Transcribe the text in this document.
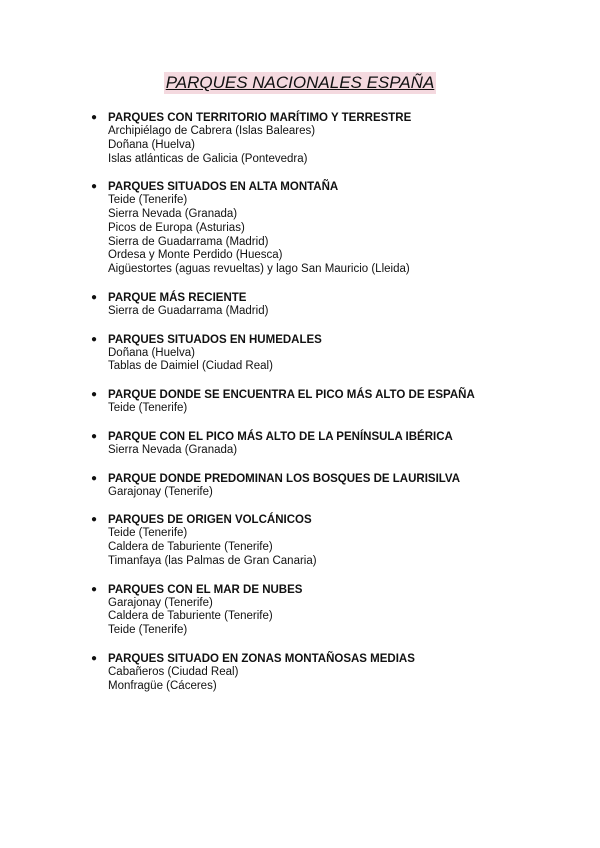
PARQUES NACIONALES ESPAÑA
● PARQUES CON TERRITORIO MARÍTIMO Y TERRESTRE
Archipiélago de Cabrera (Islas Baleares)
Doñana (Huelva)
Islas atlánticas de Galicia (Pontevedra)
● PARQUES SITUADOS EN ALTA MONTAÑA
Teide (Tenerife)
Sierra Nevada (Granada)
Picos de Europa (Asturias)
Sierra de Guadarrama (Madrid)
Ordesa y Monte Perdido (Huesca)
Aigüestortes (aguas revueltas) y lago San Mauricio (Lleida)
● PARQUE MÁS RECIENTE
Sierra de Guadarrama (Madrid)
● PARQUES SITUADOS EN HUMEDALES
Doñana (Huelva)
Tablas de Daimiel (Ciudad Real)
● PARQUE DONDE SE ENCUENTRA EL PICO MÁS ALTO DE ESPAÑA
Teide (Tenerife)
● PARQUE CON EL PICO MÁS ALTO DE LA PENÍNSULA IBÉRICA
Sierra Nevada (Granada)
● PARQUE DONDE PREDOMINAN LOS BOSQUES DE LAURISILVA
Garajonay (Tenerife)
● PARQUES DE ORIGEN VOLCÁNICOS
Teide (Tenerife)
Caldera de Taburiente (Tenerife)
Timanfaya (las Palmas de Gran Canaria)
● PARQUES CON EL MAR DE NUBES
Garajonay (Tenerife)
Caldera de Taburiente (Tenerife)
Teide (Tenerife)
● PARQUES SITUADO EN ZONAS MONTAÑOSAS MEDIAS
Cabañeros (Ciudad Real)
Monfragüe (Cáceres)
